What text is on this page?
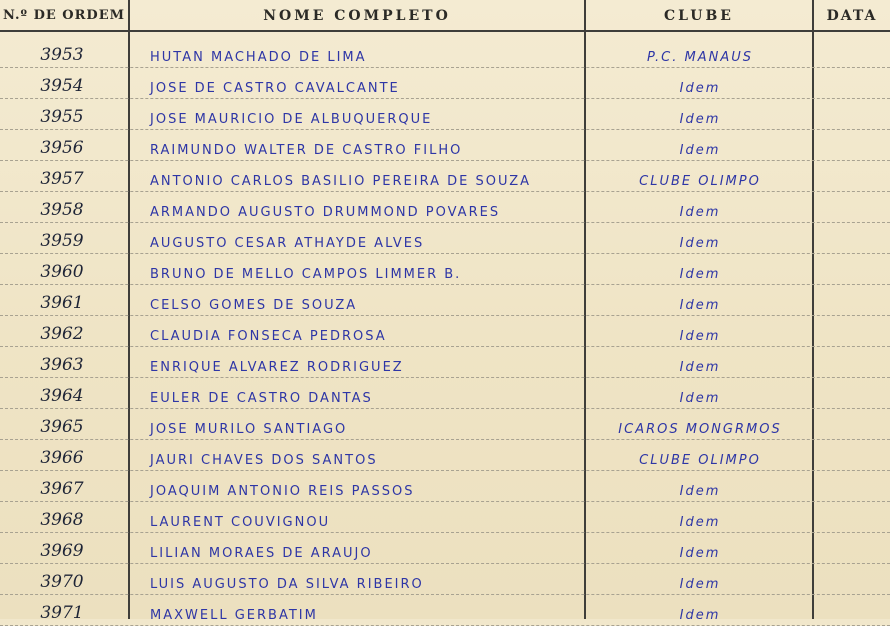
N.º DE ORDEM	NOME COMPLETO	CLUBE	DATA
3953	HUTAN MACHADO DE LIMA	P.C. MANAUS
3954	JOSE DE CASTRO CAVALCANTE	Idem
3955	JOSE MAURICIO DE ALBUQUERQUE	Idem
3956	RAIMUNDO WALTER DE CASTRO FILHO	Idem
3957	ANTONIO CARLOS BASILIO PEREIRA DE SOUZA	CLUBE OLIMPO
3958	ARMANDO AUGUSTO DRUMMOND POVARES	Idem
3959	AUGUSTO CESAR ATHAYDE ALVES	Idem
3960	BRUNO DE MELLO CAMPOS LIMMER B.	Idem
3961	CELSO GOMES DE SOUZA	Idem
3962	CLAUDIA FONSECA PEDROSA	Idem
3963	ENRIQUE ALVAREZ RODRIGUEZ	Idem
3964	EULER DE CASTRO DANTAS	Idem
3965	JOSE MURILO SANTIAGO	ICAROS MONGRMOS
3966	JAURI CHAVES DOS SANTOS	CLUBE OLIMPO
3967	JOAQUIM ANTONIO REIS PASSOS	Idem
3968	LAURENT COUVIGNOU	Idem
3969	LILIAN MORAES DE ARAUJO	Idem
3970	LUIS AUGUSTO DA SILVA RIBEIRO	Idem
3971	MAXWELL GERBATIM	Idem
